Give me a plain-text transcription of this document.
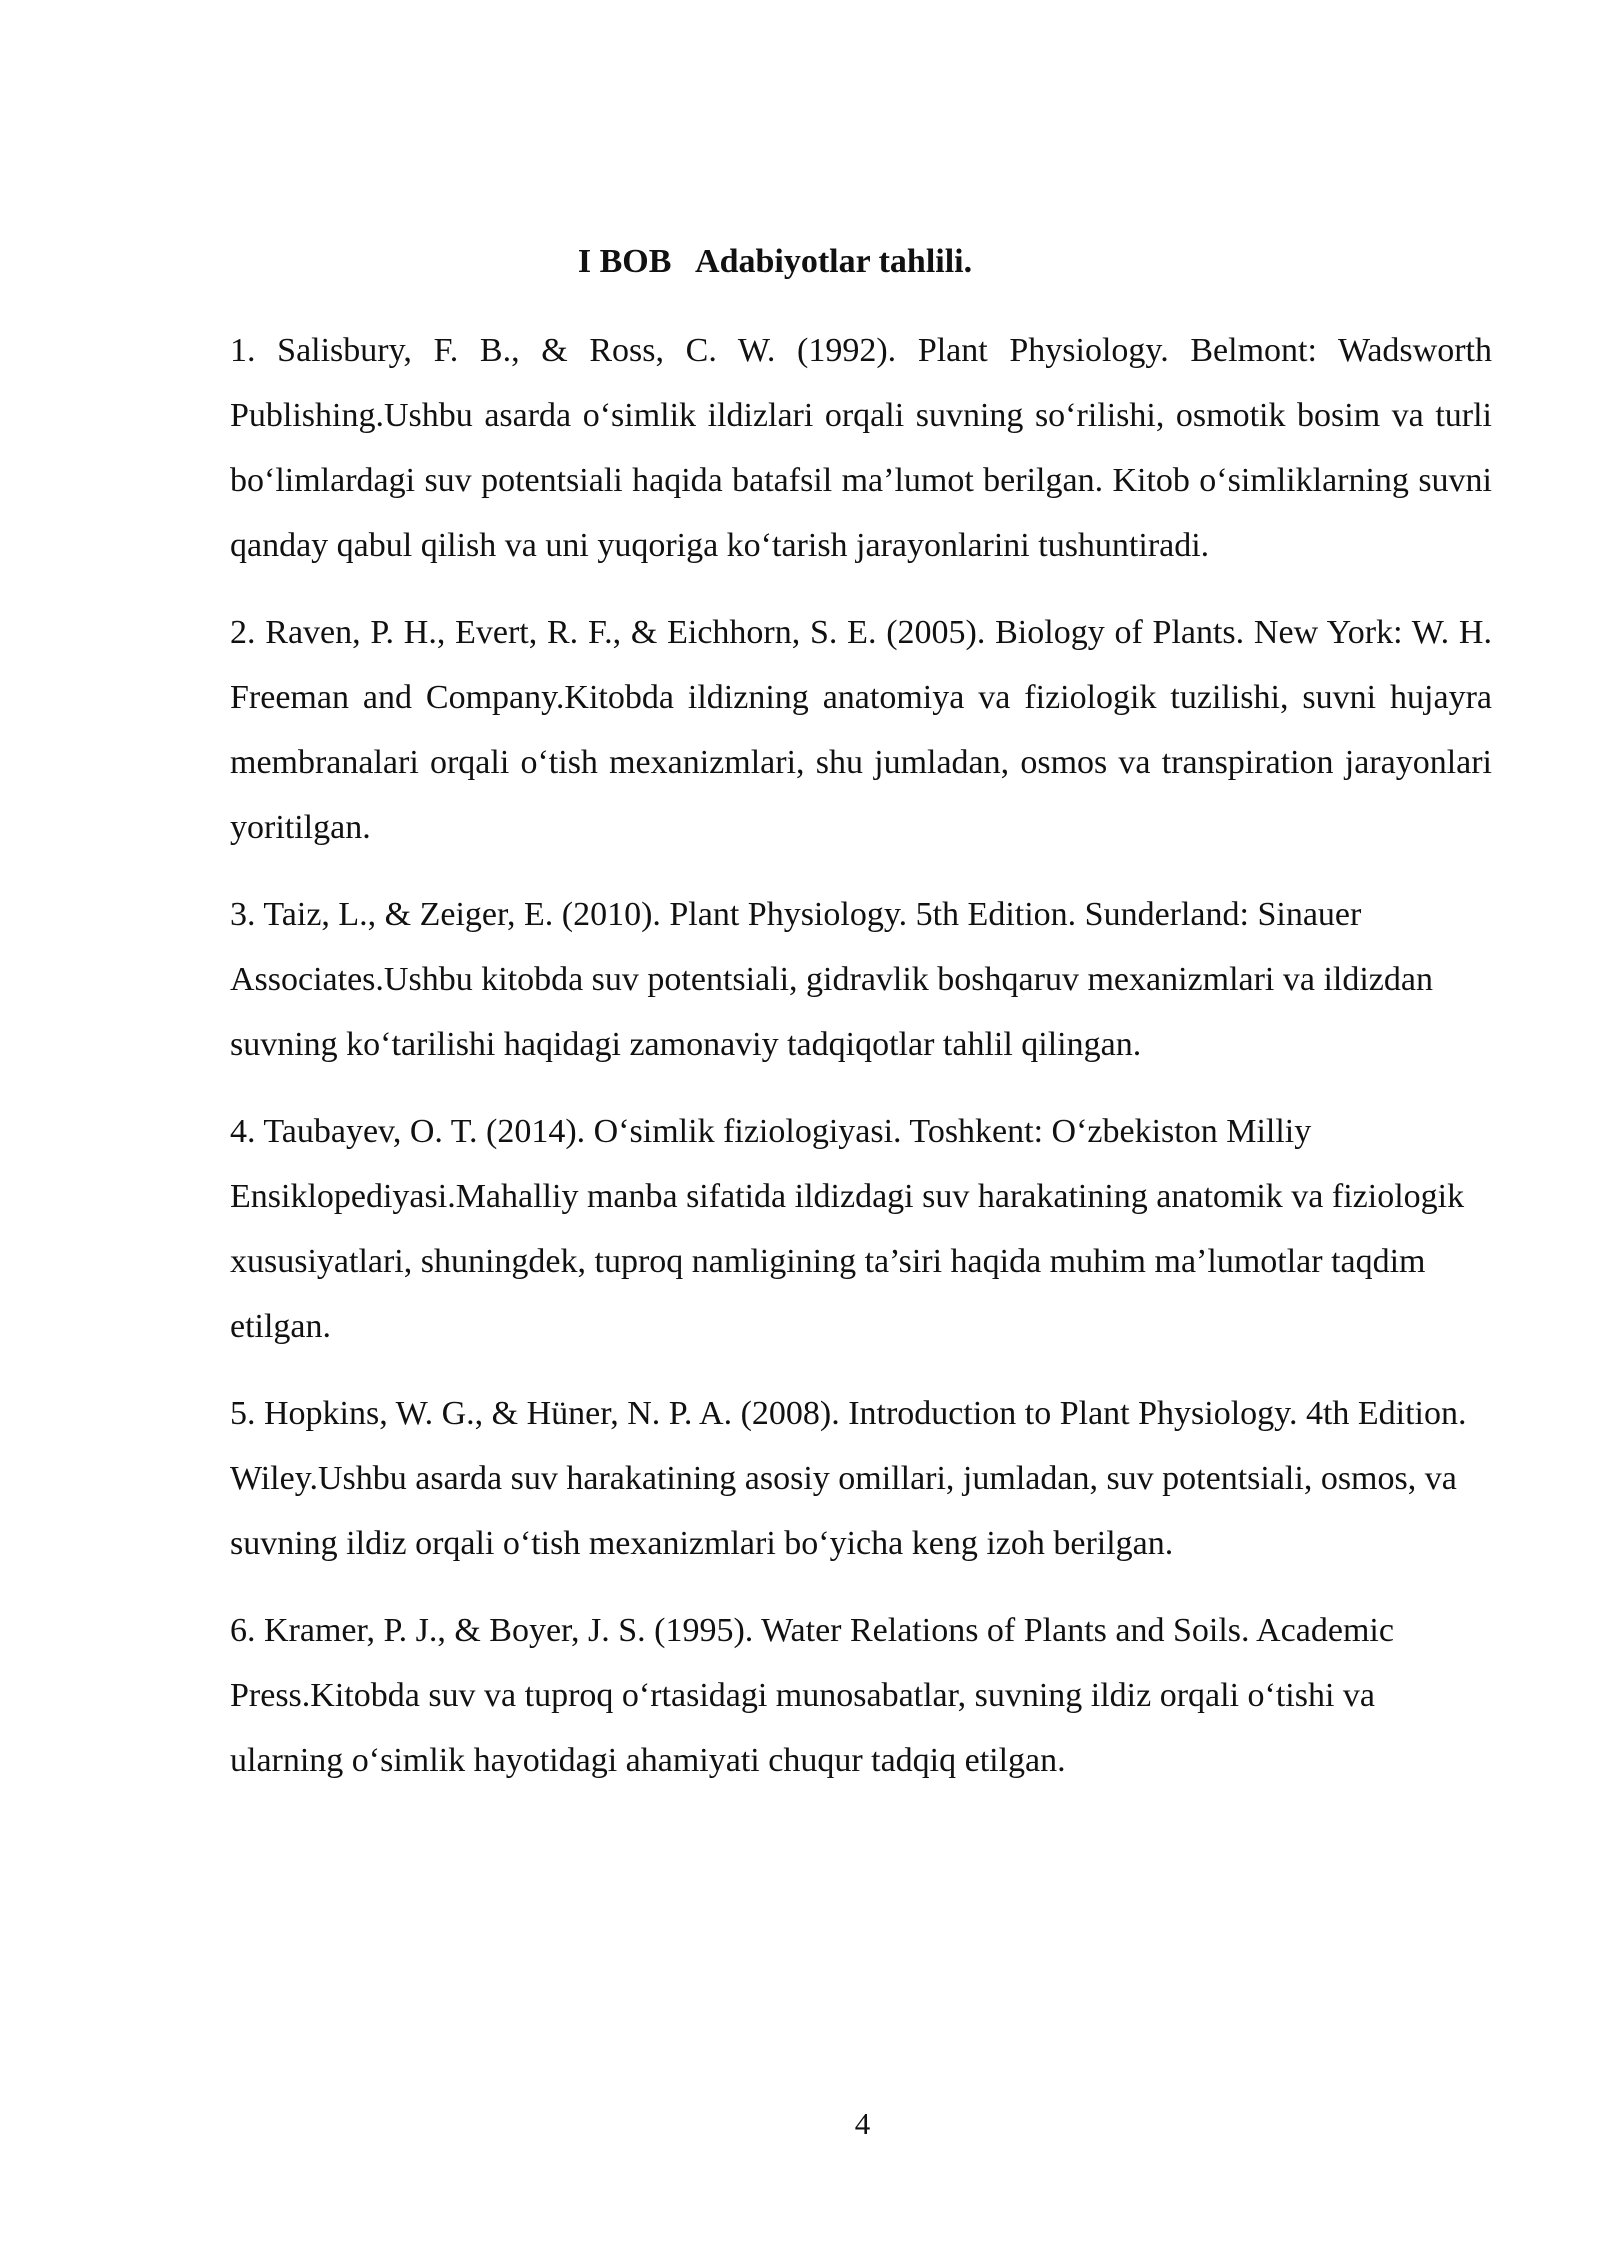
I BOB   Adabiyotlar tahlili.

1. Salisbury, F. B., & Ross, C. W. (1992). Plant Physiology. Belmont: Wadsworth Publishing.Ushbu asarda o‘simlik ildizlari orqali suvning so‘rilishi, osmotik bosim va turli bo‘limlardagi suv potentsiali haqida batafsil ma’lumot berilgan. Kitob o‘simliklarning suvni qanday qabul qilish va uni yuqoriga ko‘tarish jarayonlarini tushuntiradi.

2. Raven, P. H., Evert, R. F., & Eichhorn, S. E. (2005). Biology of Plants. New York: W. H. Freeman and Company.Kitobda ildizning anatomiya va fiziologik tuzilishi, suvni hujayra membranalari orqali o‘tish mexanizmlari, shu jumladan, osmos va transpiration jarayonlari yoritilgan.

3. Taiz, L., & Zeiger, E. (2010). Plant Physiology. 5th Edition. Sunderland: Sinauer Associates.Ushbu kitobda suv potentsiali, gidravlik boshqaruv mexanizmlari va ildizdan suvning ko‘tarilishi haqidagi zamonaviy tadqiqotlar tahlil qilingan.

4. Taubayev, O. T. (2014). O‘simlik fiziologiyasi. Toshkent: O‘zbekiston Milliy Ensiklopediyasi.Mahalliy manba sifatida ildizdagi suv harakatining anatomik va fiziologik xususiyatlari, shuningdek, tuproq namligining ta’siri haqida muhim ma’lumotlar taqdim etilgan.

5. Hopkins, W. G., & Hüner, N. P. A. (2008). Introduction to Plant Physiology. 4th Edition. Wiley.Ushbu asarda suv harakatining asosiy omillari, jumladan, suv potentsiali, osmos, va suvning ildiz orqali o‘tish mexanizmlari bo‘yicha keng izoh berilgan.

6. Kramer, P. J., & Boyer, J. S. (1995). Water Relations of Plants and Soils. Academic Press.Kitobda suv va tuproq o‘rtasidagi munosabatlar, suvning ildiz orqali o‘tishi va ularning o‘simlik hayotidagi ahamiyati chuqur tadqiq etilgan.

4
